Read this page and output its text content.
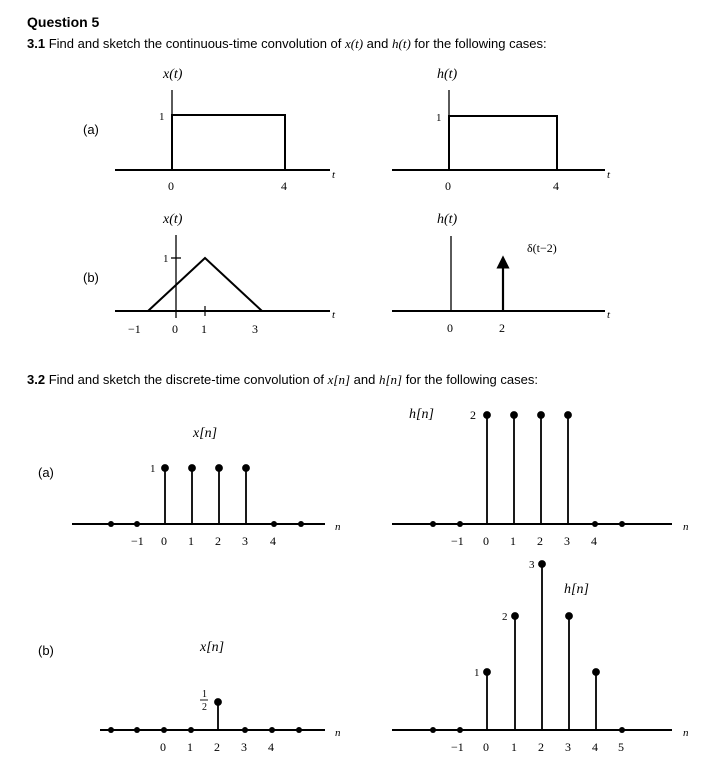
Question 5
3.1 Find and sketch the continuous-time convolution of x(t) and h(t) for the following cases:
3.2 Find and sketch the discrete-time convolution of x[n] and h[n] for the following cases:
(a)
(b)
(a)
(b)
x(t)
1
0	4
t
h(t)
1
0	4
t
x(t)
1
−1	0 1	3
t
h(t)
δ(t−2)
0	2
t
x[n]
1
−1 0 1 2 3 4
n
h[n]	2
−1 0 1 2 3 4
n
x[n]
1
2
0 1 2 3 4
n
h[n]
1
2
3
−1 0 1 2 3 4 5
n
